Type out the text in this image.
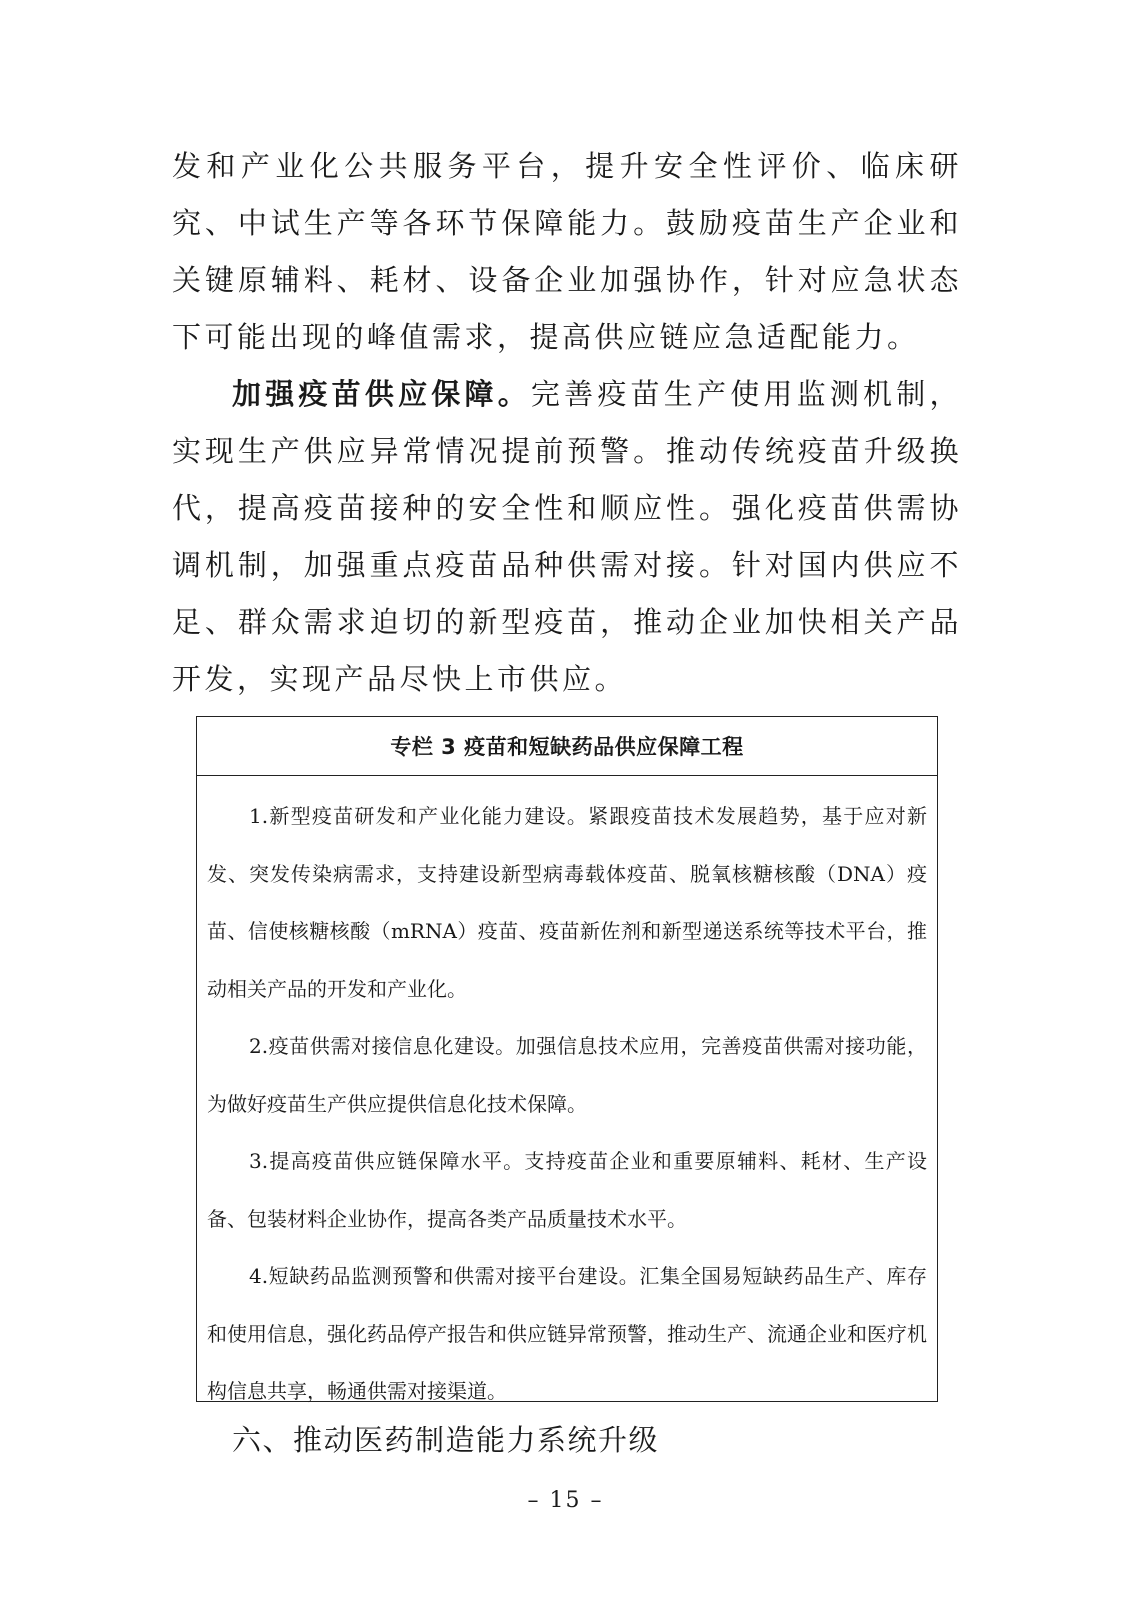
发和产业化公共服务平台，提升安全性评价、临床研究、中试生产等各环节保障能力。鼓励疫苗生产企业和关键原辅料、耗材、设备企业加强协作，针对应急状态下可能出现的峰值需求，提高供应链应急适配能力。

加强疫苗供应保障。完善疫苗生产使用监测机制，实现生产供应异常情况提前预警。推动传统疫苗升级换代，提高疫苗接种的安全性和顺应性。强化疫苗供需协调机制，加强重点疫苗品种供需对接。针对国内供应不足、群众需求迫切的新型疫苗，推动企业加快相关产品开发，实现产品尽快上市供应。

专栏 3 疫苗和短缺药品供应保障工程

1.新型疫苗研发和产业化能力建设。紧跟疫苗技术发展趋势，基于应对新发、突发传染病需求，支持建设新型病毒载体疫苗、脱氧核糖核酸（DNA）疫苗、信使核糖核酸（mRNA）疫苗、疫苗新佐剂和新型递送系统等技术平台，推动相关产品的开发和产业化。

2.疫苗供需对接信息化建设。加强信息技术应用，完善疫苗供需对接功能，为做好疫苗生产供应提供信息化技术保障。

3.提高疫苗供应链保障水平。支持疫苗企业和重要原辅料、耗材、生产设备、包装材料企业协作，提高各类产品质量技术水平。

4.短缺药品监测预警和供需对接平台建设。汇集全国易短缺药品生产、库存和使用信息，强化药品停产报告和供应链异常预警，推动生产、流通企业和医疗机构信息共享，畅通供需对接渠道。

六、推动医药制造能力系统升级
– 15 –
